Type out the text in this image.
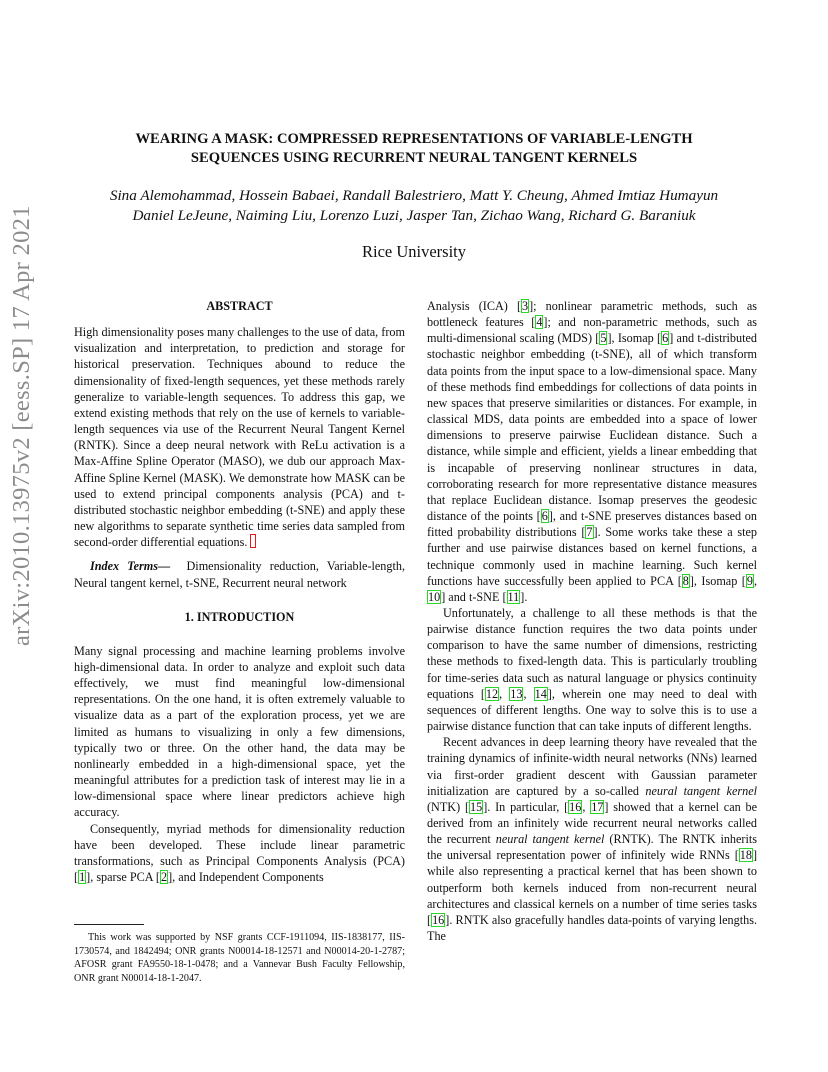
arXiv:2010.13975v2 [eess.SP] 17 Apr 2021
WEARING A MASK: COMPRESSED REPRESENTATIONS OF VARIABLE-LENGTH
SEQUENCES USING RECURRENT NEURAL TANGENT KERNELS
Sina Alemohammad, Hossein Babaei, Randall Balestriero, Matt Y. Cheung, Ahmed Imtiaz Humayun
Daniel LeJeune, Naiming Liu, Lorenzo Luzi, Jasper Tan, Zichao Wang, Richard G. Baraniuk
Rice University
ABSTRACT

High dimensionality poses many challenges to the use of data, from visualization and interpretation, to prediction and storage for historical preservation. Techniques abound to reduce the dimensionality of fixed-length sequences, yet these methods rarely generalize to variable-length sequences. To address this gap, we extend existing methods that rely on the use of kernels to variable-length sequences via use of the Recurrent Neural Tangent Kernel (RNTK). Since a deep neural network with ReLu activation is a Max-Affine Spline Operator (MASO), we dub our approach Max-Affine Spline Kernel (MASK). We demonstrate how MASK can be used to extend principal components analysis (PCA) and t-distributed stochastic neighbor embedding (t-SNE) and apply these new algorithms to separate synthetic time series data sampled from second-order differential equations.

Index Terms— Dimensionality reduction, Variable-length, Neural tangent kernel, t-SNE, Recurrent neural network

1. INTRODUCTION

Many signal processing and machine learning problems involve high-dimensional data. In order to analyze and exploit such data effectively, we must find meaningful low-dimensional representations. On the one hand, it is often extremely valuable to visualize data as a part of the exploration process, yet we are limited as humans to visualizing in only a few dimensions, typically two or three. On the other hand, the data may be nonlinearly embedded in a high-dimensional space, yet the meaningful attributes for a prediction task of interest may lie in a low-dimensional space where linear predictors achieve high accuracy.

Consequently, myriad methods for dimensionality reduction have been developed. These include linear parametric transformations, such as Principal Components Analysis (PCA) [1], sparse PCA [2], and Independent Components

Analysis (ICA) [3]; nonlinear parametric methods, such as bottleneck features [4]; and non-parametric methods, such as multi-dimensional scaling (MDS) [5], Isomap [6] and t-distributed stochastic neighbor embedding (t-SNE), all of which transform data points from the input space to a low-dimensional space. Many of these methods find embeddings for collections of data points in new spaces that preserve similarities or distances. For example, in classical MDS, data points are embedded into a space of lower dimensions to preserve pairwise Euclidean distance. Such a distance, while simple and efficient, yields a linear embedding that is incapable of preserving nonlinear structures in data, corroborating research for more representative distance measures that replace Euclidean distance. Isomap preserves the geodesic distance of the points [6], and t-SNE preserves distances based on fitted probability distributions [7]. Some works take these a step further and use pairwise distances based on kernel functions, a technique commonly used in machine learning. Such kernel functions have successfully been applied to PCA [8], Isomap [9, 10] and t-SNE [11].

Unfortunately, a challenge to all these methods is that the pairwise distance function requires the two data points under comparison to have the same number of dimensions, restricting these methods to fixed-length data. This is particularly troubling for time-series data such as natural language or physics continuity equations [12, 13, 14], wherein one may need to deal with sequences of different lengths. One way to solve this is to use a pairwise distance function that can take inputs of different lengths.

Recent advances in deep learning theory have revealed that the training dynamics of infinite-width neural networks (NNs) learned via first-order gradient descent with Gaussian parameter initialization are captured by a so-called neural tangent kernel (NTK) [15]. In particular, [16, 17] showed that a kernel can be derived from an infinitely wide recurrent neural networks called the recurrent neural tangent kernel (RNTK). The RNTK inherits the universal representation power of infinitely wide RNNs [18] while also representing a practical kernel that has been shown to outperform both kernels induced from non-recurrent neural architectures and classical kernels on a number of time series tasks [16]. RNTK also gracefully handles data-points of varying lengths. The

This work was supported by NSF grants CCF-1911094, IIS-1838177, IIS-1730574, and 1842494; ONR grants N00014-18-12571 and N00014-20-1-2787; AFOSR grant FA9550-18-1-0478; and a Vannevar Bush Faculty Fellowship, ONR grant N00014-18-1-2047.
